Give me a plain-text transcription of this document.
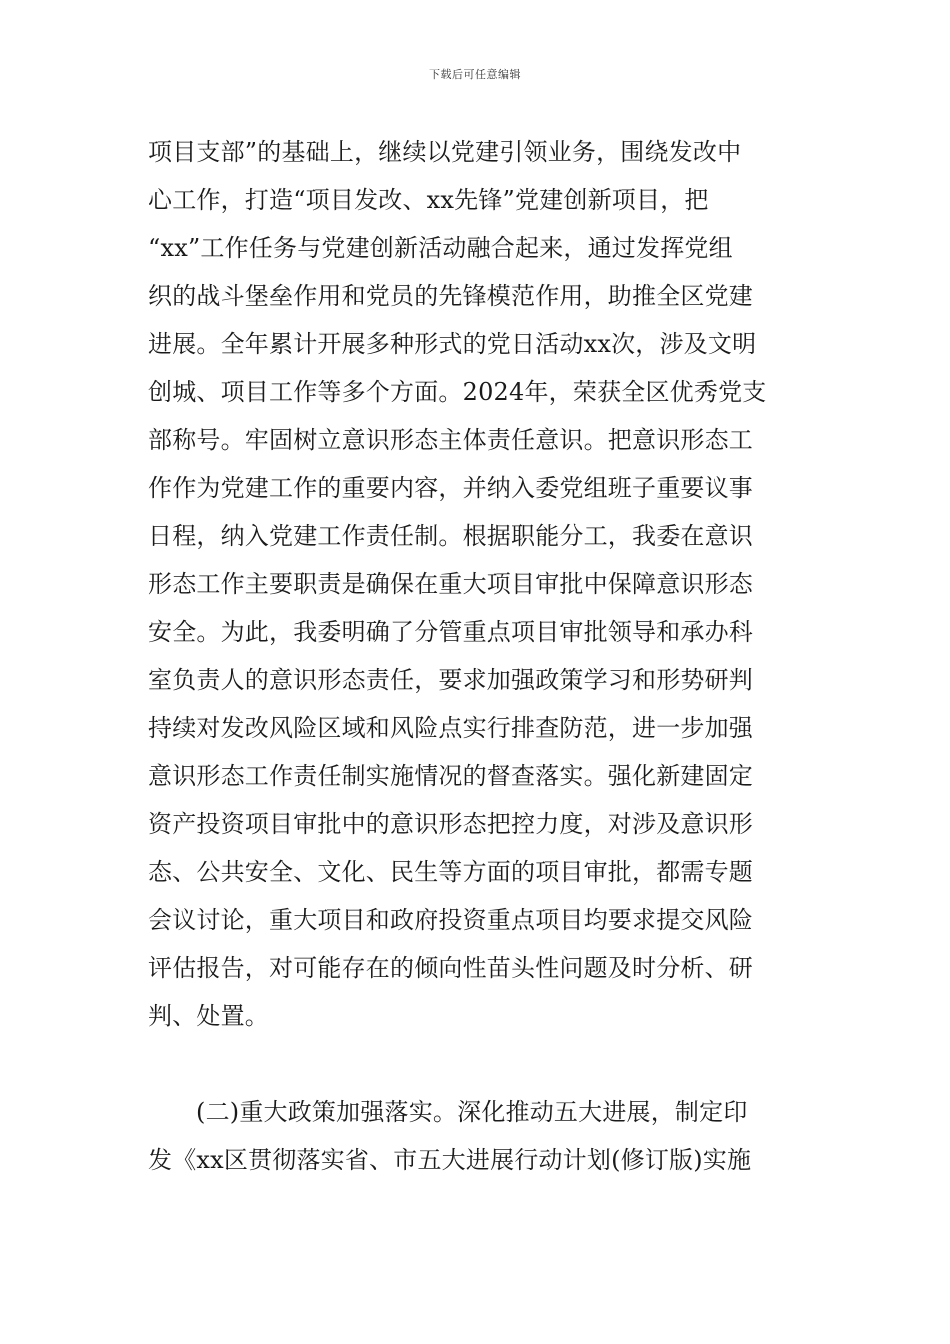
下载后可任意编辑
项目支部”的基础上，继续以党建引领业务，围绕发改中
心工作，打造“项目发改、xx先锋”党建创新项目，把
“xx”工作任务与党建创新活动融合起来，通过发挥党组
织的战斗堡垒作用和党员的先锋模范作用，助推全区党建
进展。全年累计开展多种形式的党日活动xx次，涉及文明
创城、项目工作等多个方面。2024年，荣获全区优秀党支
部称号。牢固树立意识形态主体责任意识。把意识形态工
作作为党建工作的重要内容，并纳入委党组班子重要议事
日程，纳入党建工作责任制。根据职能分工，我委在意识
形态工作主要职责是确保在重大项目审批中保障意识形态
安全。为此，我委明确了分管重点项目审批领导和承办科
室负责人的意识形态责任，要求加强政策学习和形势研判
持续对发改风险区域和风险点实行排查防范，进一步加强
意识形态工作责任制实施情况的督查落实。强化新建固定
资产投资项目审批中的意识形态把控力度，对涉及意识形
态、公共安全、文化、民生等方面的项目审批，都需专题
会议讨论，重大项目和政府投资重点项目均要求提交风险
评估报告，对可能存在的倾向性苗头性问题及时分析、研
判、处置。
(二)重大政策加强落实。深化推动五大进展，制定印
发《xx区贯彻落实省、市五大进展行动计划(修订版)实施
